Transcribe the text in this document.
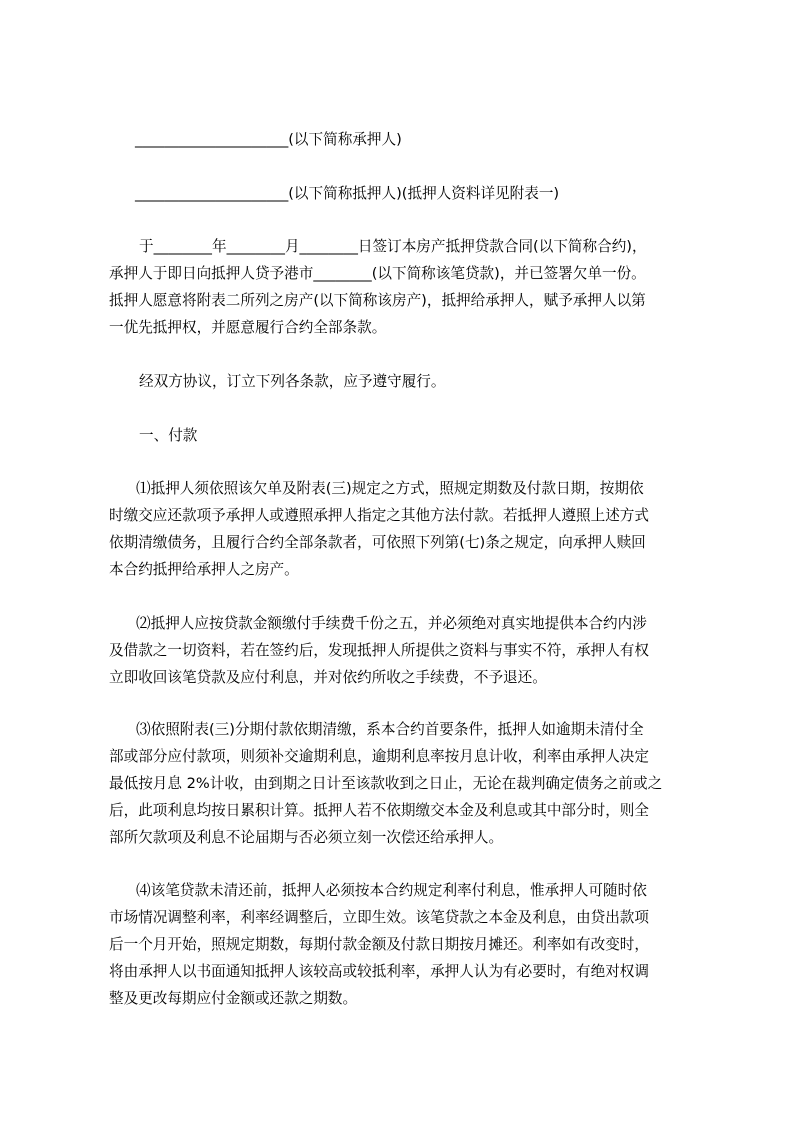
_____________________(以下简称承押人)

_____________________(以下简称抵押人)(抵押人资料详见附表一)

于________年________月________日签订本房产抵押贷款合同(以下简称合约)，

承押人于即日向抵押人贷予港市________(以下简称该笔贷款)，并已签署欠单一份。

抵押人愿意将附表二所列之房产(以下简称该房产)，抵押给承押人，赋予承押人以第

一优先抵押权，并愿意履行合约全部条款。

经双方协议，订立下列各条款，应予遵守履行。

一、付款

⑴抵押人须依照该欠单及附表(三)规定之方式，照规定期数及付款日期，按期依

时缴交应还款项予承押人或遵照承押人指定之其他方法付款。若抵押人遵照上述方式

依期清缴债务，且履行合约全部条款者，可依照下列第(七)条之规定，向承押人赎回

本合约抵押给承押人之房产。

⑵抵押人应按贷款金额缴付手续费千份之五，并必须绝对真实地提供本合约内涉

及借款之一切资料，若在签约后，发现抵押人所提供之资料与事实不符，承押人有权

立即收回该笔贷款及应付利息，并对依约所收之手续费，不予退还。

⑶依照附表(三)分期付款依期清缴，系本合约首要条件，抵押人如逾期未清付全

部或部分应付款项，则须补交逾期利息，逾期利息率按月息计收，利率由承押人决定

最低按月息 2%计收，由到期之日计至该款收到之日止，无论在裁判确定债务之前或之

后，此项利息均按日累积计算。抵押人若不依期缴交本金及利息或其中部分时，则全

部所欠款项及利息不论届期与否必须立刻一次偿还给承押人。

⑷该笔贷款未清还前，抵押人必须按本合约规定利率付利息，惟承押人可随时依

市场情况调整利率，利率经调整后，立即生效。该笔贷款之本金及利息，由贷出款项

后一个月开始，照规定期数，每期付款金额及付款日期按月摊还。利率如有改变时，

将由承押人以书面通知抵押人该较高或较抵利率，承押人认为有必要时，有绝对权调

整及更改每期应付金额或还款之期数。
